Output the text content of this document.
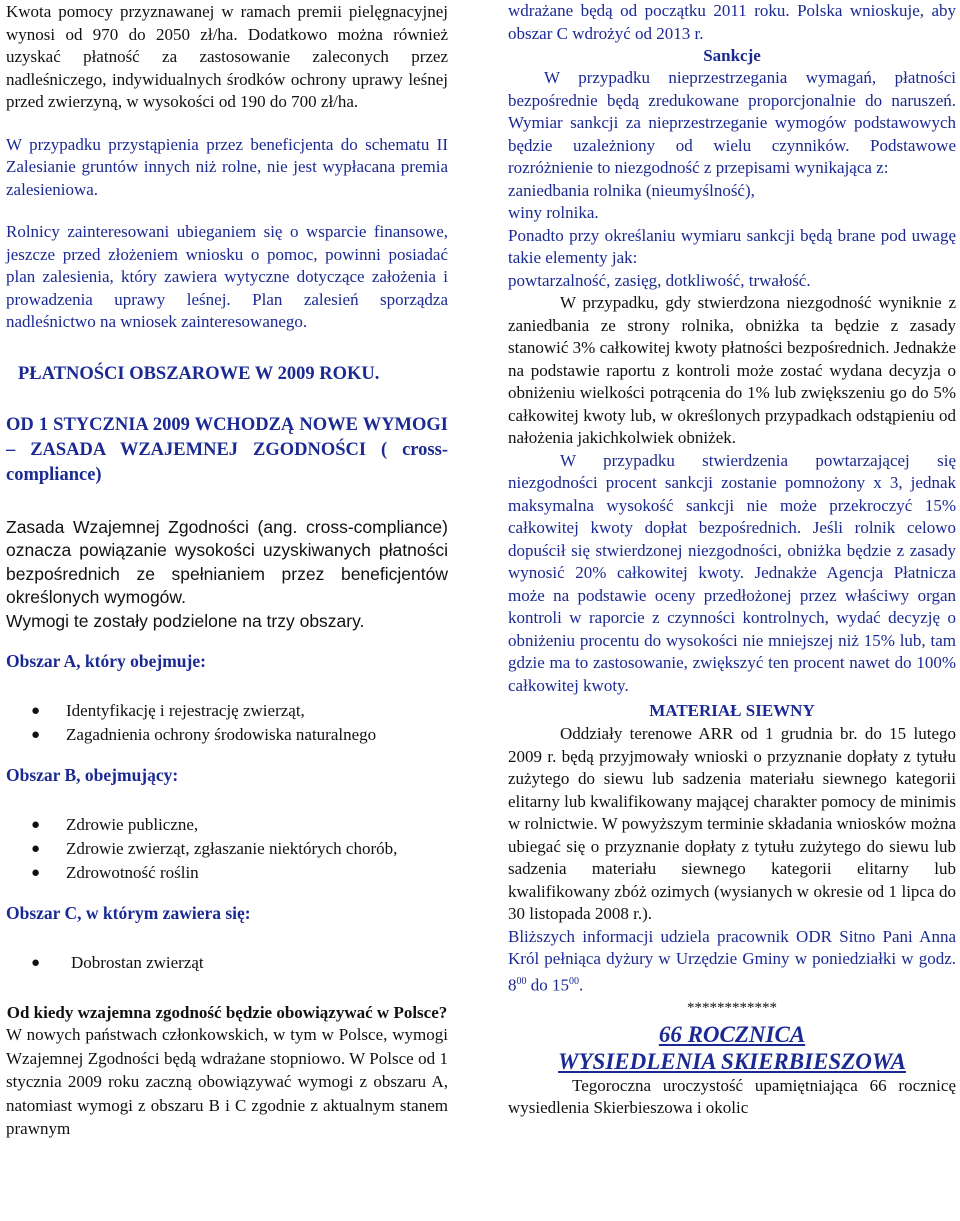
Kwota pomocy przyznawanej w ramach premii pielęgnacyjnej wynosi od 970 do 2050 zł/ha. Dodatkowo można również uzyskać płatność za zastosowanie zaleconych przez nadleśniczego, indywidualnych środków ochrony uprawy leśnej przed zwierzyną, w wysokości od 190 do 700 zł/ha.

W przypadku przystąpienia przez beneficjenta do schematu II Zalesianie gruntów innych niż rolne, nie jest wypłacana premia zalesieniowa.

Rolnicy zainteresowani ubieganiem się o wsparcie finansowe, jeszcze przed złożeniem wniosku o pomoc, powinni posiadać plan zalesienia, który zawiera wytyczne dotyczące założenia i prowadzenia uprawy leśnej. Plan zalesień sporządza nadleśnictwo na wniosek zainteresowanego.

PŁATNOŚCI OBSZAROWE W 2009 ROKU.

OD 1 STYCZNIA 2009 WCHODZĄ NOWE WYMOGI – ZASADA WZAJEMNEJ ZGODNOŚCI ( cross-compliance)

Zasada Wzajemnej Zgodności (ang. cross-compliance) oznacza powiązanie wysokości uzyskiwanych płatności bezpośrednich ze spełnianiem przez beneficjentów określonych wymogów.

Wymogi te zostały podzielone na trzy obszary.

Obszar A, który obejmuje:

● Identyfikację i rejestrację zwierząt,
● Zagadnienia ochrony środowiska naturalnego

Obszar B, obejmujący:

● Zdrowie publiczne,
● Zdrowie zwierząt, zgłaszanie niektórych chorób,
● Zdrowotność roślin

Obszar C, w którym zawiera się:

● Dobrostan zwierząt

Od kiedy wzajemna zgodność będzie obowiązywać w Polsce?

W nowych państwach członkowskich, w tym w Polsce, wymogi Wzajemnej Zgodności będą wdrażane stopniowo. W Polsce od 1 stycznia 2009 roku zaczną obowiązywać wymogi z obszaru A, natomiast wymogi z obszaru B i C zgodnie z aktualnym stanem prawnym

wdrażane będą od początku 2011 roku. Polska wnioskuje, aby obszar C wdrożyć od 2013 r.

Sankcje

W przypadku nieprzestrzegania wymagań, płatności bezpośrednie będą zredukowane proporcjonalnie do naruszeń. Wymiar sankcji za nieprzestrzeganie wymogów podstawowych będzie uzależniony od wielu czynników. Podstawowe rozróżnienie to niezgodność z przepisami wynikająca z:

zaniedbania rolnika (nieumyślność),

winy rolnika.

Ponadto przy określaniu wymiaru sankcji będą brane pod uwagę takie elementy jak:

powtarzalność, zasięg, dotkliwość, trwałość.

W przypadku, gdy stwierdzona niezgodność wyniknie z zaniedbania ze strony rolnika, obniżka ta będzie z zasady stanowić 3% całkowitej kwoty płatności bezpośrednich. Jednakże na podstawie raportu z kontroli może zostać wydana decyzja o obniżeniu wielkości potrącenia do 1% lub zwiększeniu go do 5% całkowitej kwoty lub, w określonych przypadkach odstąpieniu od nałożenia jakichkolwiek obniżek.

W przypadku stwierdzenia powtarzającej się niezgodności procent sankcji zostanie pomnożony x 3, jednak maksymalna wysokość sankcji nie może przekroczyć 15% całkowitej kwoty dopłat bezpośrednich. Jeśli rolnik celowo dopuścił się stwierdzonej niezgodności, obniżka będzie z zasady wynosić 20% całkowitej kwoty. Jednakże Agencja Płatnicza może na podstawie oceny przedłożonej przez właściwy organ kontroli w raporcie z czynności kontrolnych, wydać decyzję o obniżeniu procentu do wysokości nie mniejszej niż 15% lub, tam gdzie ma to zastosowanie, zwiększyć ten procent nawet do 100% całkowitej kwoty.

MATERIAŁ SIEWNY

Oddziały terenowe ARR od 1 grudnia br. do 15 lutego 2009 r. będą przyjmowały wnioski o przyznanie dopłaty z tytułu zużytego do siewu lub sadzenia materiału siewnego kategorii elitarny lub kwalifikowany mającej charakter pomocy de minimis w rolnictwie. W powyższym terminie składania wniosków można ubiegać się o przyznanie dopłaty z tytułu zużytego do siewu lub sadzenia materiału siewnego kategorii elitarny lub kwalifikowany zbóż ozimych (wysianych w okresie od 1 lipca do 30 listopada 2008 r.).

Bliższych informacji udziela pracownik ODR Sitno Pani Anna Król pełniąca dyżury w Urzędzie Gminy w poniedziałki w godz. $8^{00}$ do $15^{00}$.

************

66 ROCZNICA

WYSIEDLENIA SKIERBIESZOWA

Tegoroczna uroczystość upamiętniająca 66 rocznicę wysiedlenia Skierbieszowa i okolic
